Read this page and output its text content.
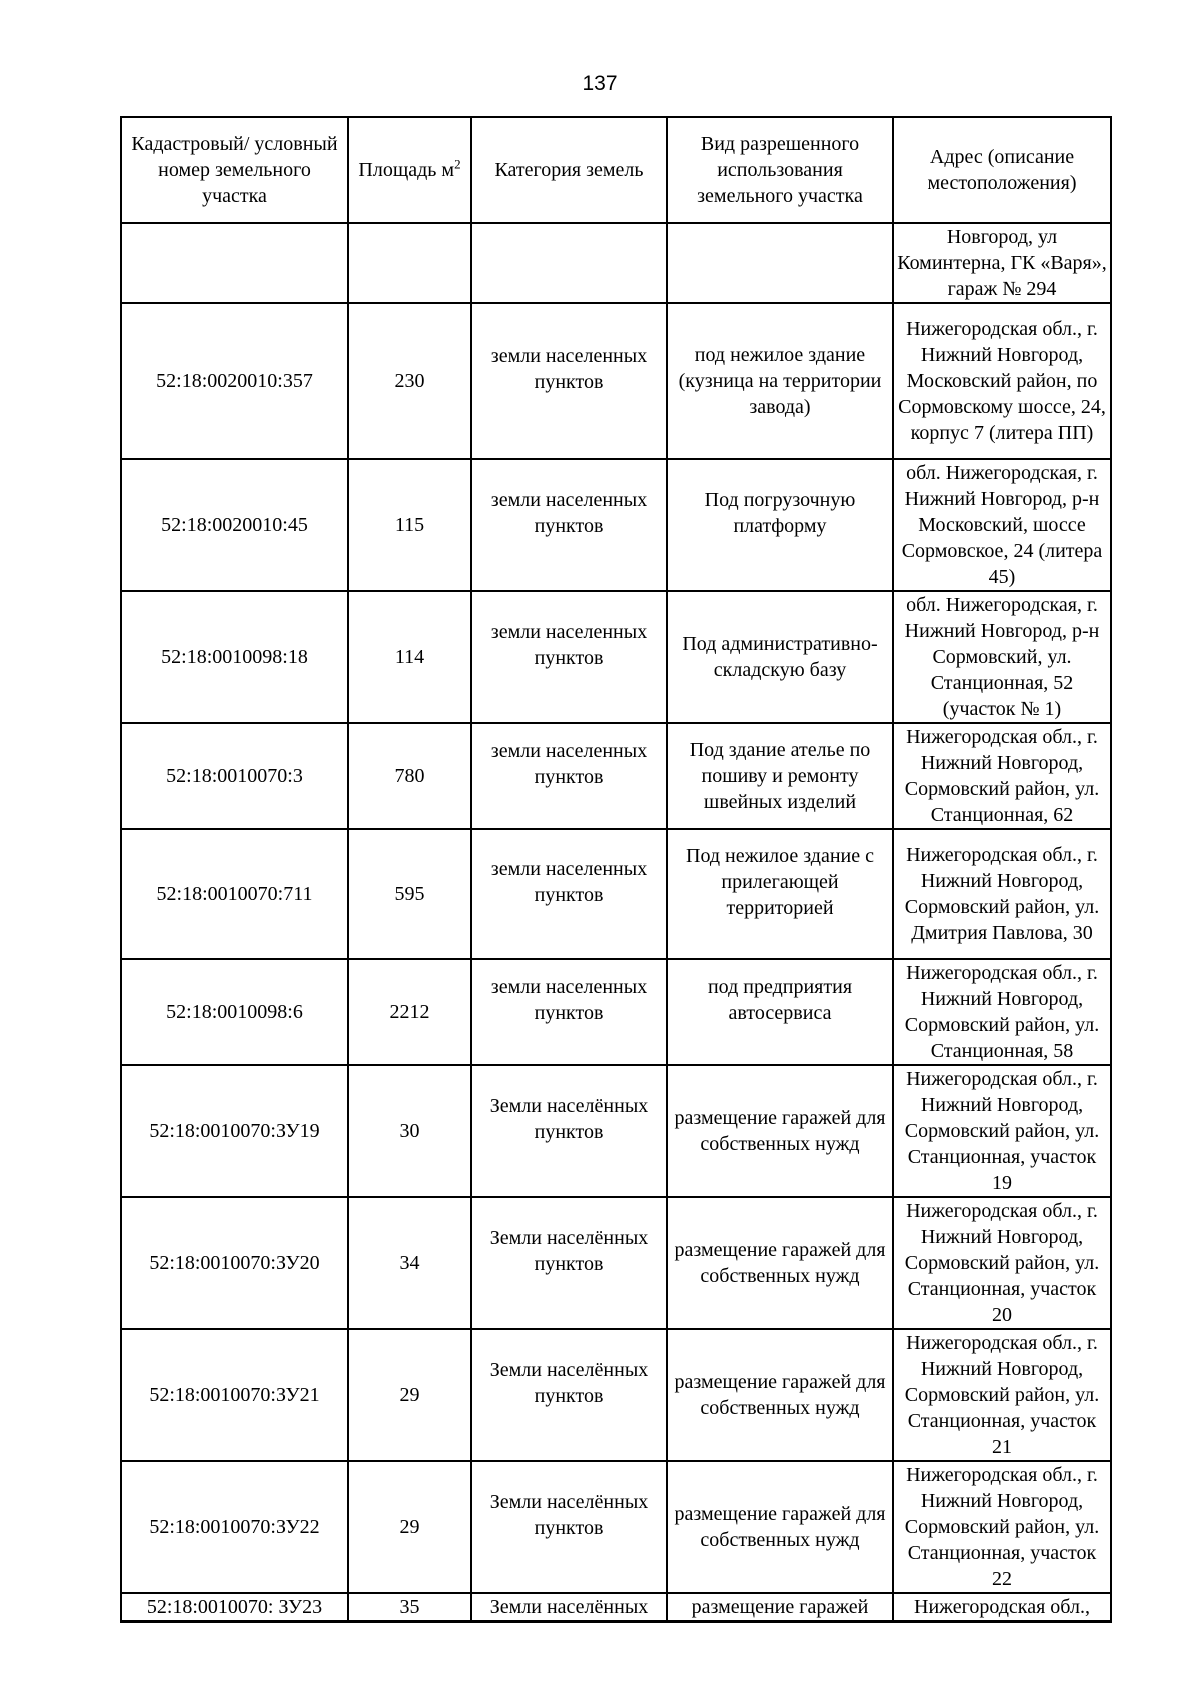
137
Кадастровый/ условный номер земельного участка	Площадь $м^2$	Категория земель	Вид разрешенного использования земельного участка	Адрес (описание местоположения)
				Новгород, ул Коминтерна, ГК «Варя», гараж № 294
52:18:0020010:357	230	земли населенных пунктов	под нежилое здание (кузница на территории завода)	Нижегородская обл., г. Нижний Новгород, Московский район, по Сормовскому шоссе, 24, корпус 7 (литера ПП)
52:18:0020010:45	115	земли населенных пунктов	Под погрузочную платформу	обл. Нижегородская, г. Нижний Новгород, р-н Московский, шоссе Сормовское, 24 (литера 45)
52:18:0010098:18	114	земли населенных пунктов	Под административно-складскую базу	обл. Нижегородская, г. Нижний Новгород, р-н Сормовский, ул. Станционная, 52 (участок № 1)
52:18:0010070:3	780	земли населенных пунктов	Под здание ателье по пошиву и ремонту швейных изделий	Нижегородская обл., г. Нижний Новгород, Сормовский район, ул. Станционная, 62
52:18:0010070:711	595	земли населенных пунктов	Под нежилое здание с прилегающей территорией	Нижегородская обл., г. Нижний Новгород, Сормовский район, ул. Дмитрия Павлова, 30
52:18:0010098:6	2212	земли населенных пунктов	под предприятия автосервиса	Нижегородская обл., г. Нижний Новгород, Сормовский район, ул. Станционная, 58
52:18:0010070:ЗУ19	30	Земли населённых пунктов	размещение гаражей для собственных нужд	Нижегородская обл., г. Нижний Новгород, Сормовский район, ул. Станционная, участок 19
52:18:0010070:ЗУ20	34	Земли населённых пунктов	размещение гаражей для собственных нужд	Нижегородская обл., г. Нижний Новгород, Сормовский район, ул. Станционная, участок 20
52:18:0010070:ЗУ21	29	Земли населённых пунктов	размещение гаражей для собственных нужд	Нижегородская обл., г. Нижний Новгород, Сормовский район, ул. Станционная, участок 21
52:18:0010070:ЗУ22	29	Земли населённых пунктов	размещение гаражей для собственных нужд	Нижегородская обл., г. Нижний Новгород, Сормовский район, ул. Станционная, участок 22
52:18:0010070: ЗУ23	35	Земли населённых	размещение гаражей	Нижегородская обл.,
